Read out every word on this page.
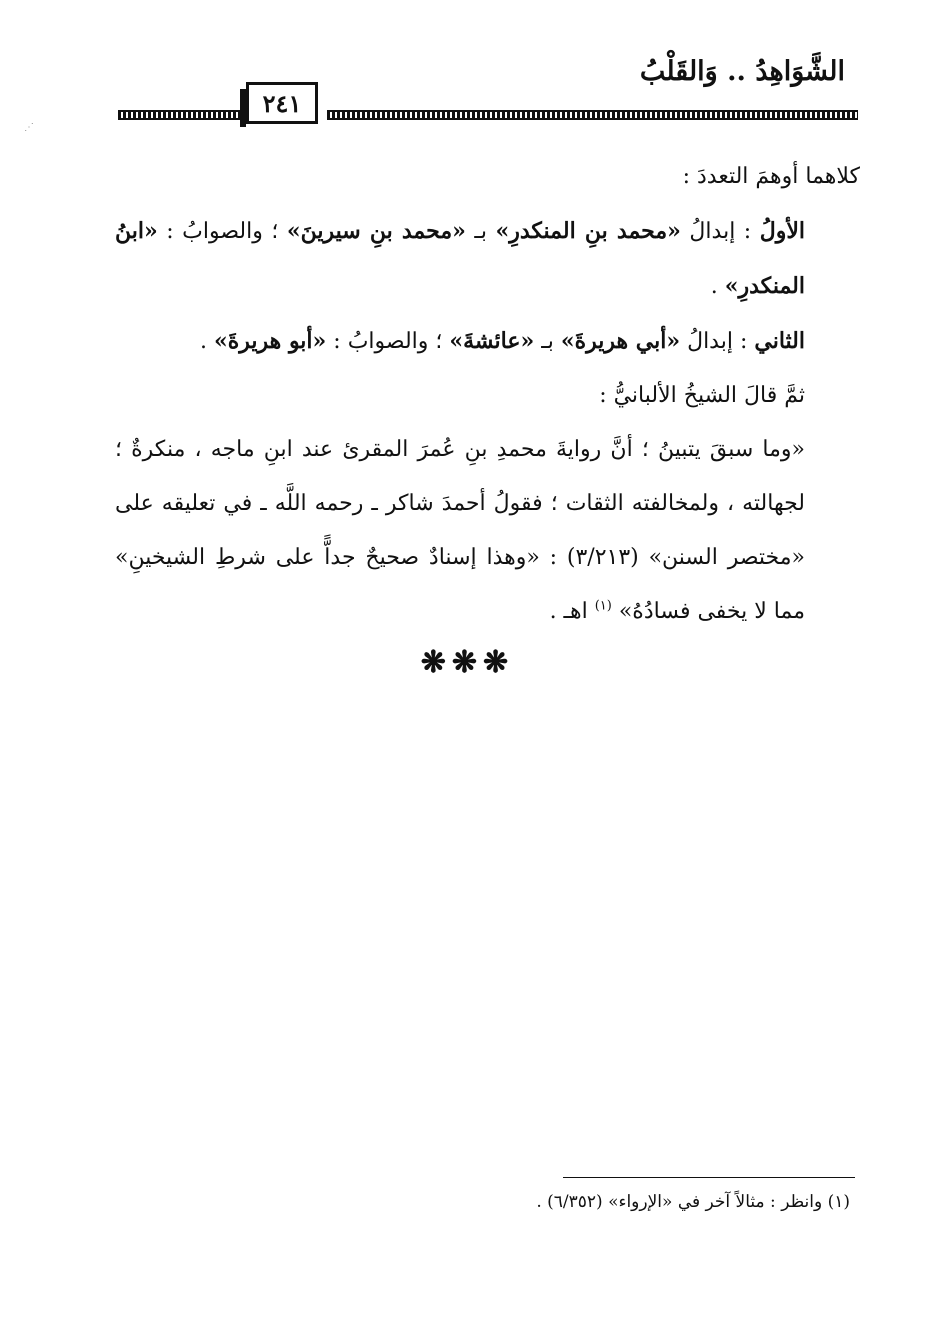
⋰
الشَّوَاهِدُ .. وَالقَلْبُ
٢٤١

كلاهما أوهمَ التعددَ :

الأولُ : إبدالُ «محمد بنِ المنكدرِ» بـ «محمد بنِ سيرينَ» ؛ والصوابُ : «ابنُ المنكدرِ» .

الثاني : إبدالُ «أبي هريرةَ» بـ «عائشةَ» ؛ والصوابُ : «أبو هريرةَ» .

ثمَّ قالَ الشيخُ الألبانيُّ :

«وما سبقَ يتبينُ ؛ أنَّ روايةَ محمدِ بنِ عُمرَ المقرئ عند ابنِ ماجه ، منكرةٌ ؛ لجهالته ، ولمخالفته الثقات ؛ فقولُ أحمدَ شاكر ـ رحمه اللَّه ـ في تعليقه على «مختصر السنن» (٣/٢١٣) : «وهذا إسنادٌ صحيحٌ جداًّ على شرطِ الشيخينِ» مما لا يخفى فسادُهُ» $^{(١)}$ اهـ .

❋❋❋
(١) وانظر : مثالاً آخر في «الإرواء» (٦/٣٥٢) .
